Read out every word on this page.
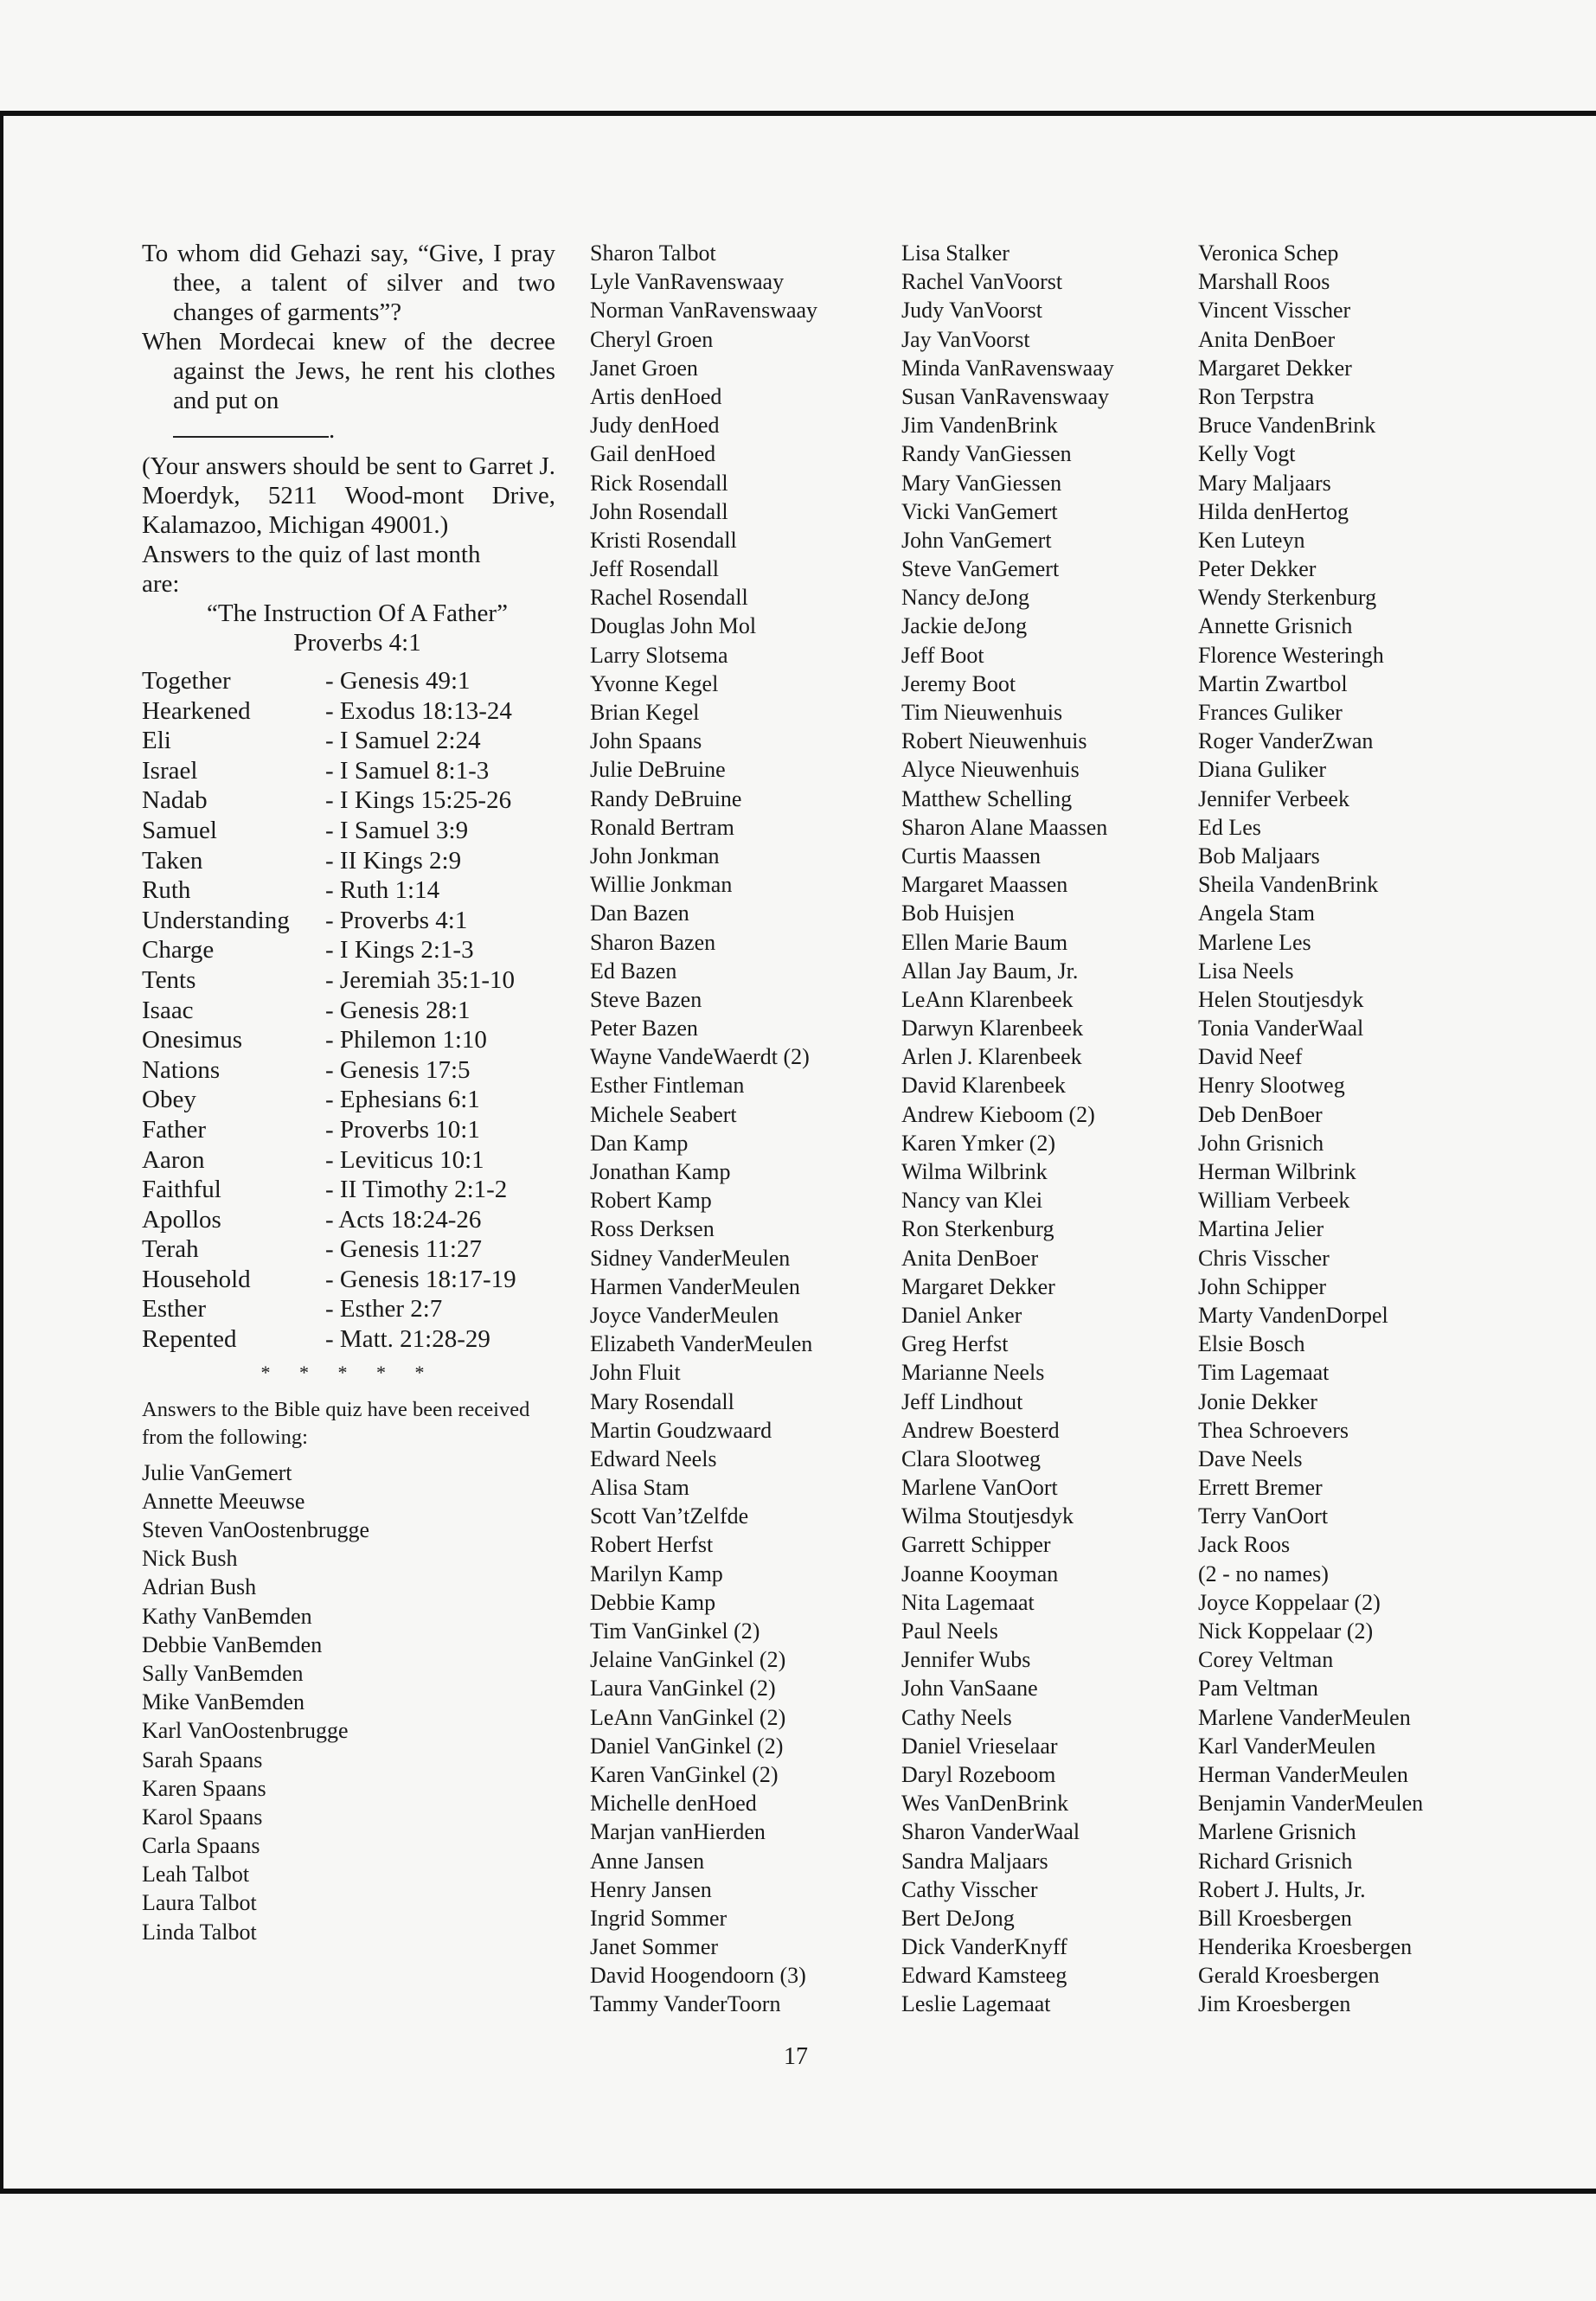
To whom did Gehazi say, “Give, I pray thee, a talent of silver and two changes of garments”?
When Mordecai knew of the decree against the Jews, he rent his clothes and put on
.
(Your answers should be sent to Garret J. Moerdyk, 5211 Wood-mont Drive, Kalamazoo, Michigan 49001.)
Answers to the quiz of last month are:
“The Instruction Of A Father”
Proverbs 4:1
Together	- Genesis 49:1
Hearkened	- Exodus 18:13-24
Eli	- I Samuel 2:24
Israel	- I Samuel 8:1-3
Nadab	- I Kings 15:25-26
Samuel	- I Samuel 3:9
Taken	- II Kings 2:9
Ruth	- Ruth 1:14
Understanding	- Proverbs 4:1
Charge	- I Kings 2:1-3
Tents	- Jeremiah 35:1-10
Isaac	- Genesis 28:1
Onesimus	- Philemon 1:10
Nations	- Genesis 17:5
Obey	- Ephesians 6:1
Father	- Proverbs 10:1
Aaron	- Leviticus 10:1
Faithful	- II Timothy 2:1-2
Apollos	- Acts 18:24-26
Terah	- Genesis 11:27
Household	- Genesis 18:17-19
Esther	- Esther 2:7
Repented	- Matt. 21:28-29
* * * * *
Answers to the Bible quiz have been received from the following:
Julie VanGemert
Annette Meeuwse
Steven VanOostenbrugge
Nick Bush
Adrian Bush
Kathy VanBemden
Debbie VanBemden
Sally VanBemden
Mike VanBemden
Karl VanOostenbrugge
Sarah Spaans
Karen Spaans
Karol Spaans
Carla Spaans
Leah Talbot
Laura Talbot
Linda Talbot
Sharon Talbot
Lyle VanRavenswaay
Norman VanRavenswaay
Cheryl Groen
Janet Groen
Artis denHoed
Judy denHoed
Gail denHoed
Rick Rosendall
John Rosendall
Kristi Rosendall
Jeff Rosendall
Rachel Rosendall
Douglas John Mol
Larry Slotsema
Yvonne Kegel
Brian Kegel
John Spaans
Julie DeBruine
Randy DeBruine
Ronald Bertram
John Jonkman
Willie Jonkman
Dan Bazen
Sharon Bazen
Ed Bazen
Steve Bazen
Peter Bazen
Wayne VandeWaerdt (2)
Esther Fintleman
Michele Seabert
Dan Kamp
Jonathan Kamp
Robert Kamp
Ross Derksen
Sidney VanderMeulen
Harmen VanderMeulen
Joyce VanderMeulen
Elizabeth VanderMeulen
John Fluit
Mary Rosendall
Martin Goudzwaard
Edward Neels
Alisa Stam
Scott Van’tZelfde
Robert Herfst
Marilyn Kamp
Debbie Kamp
Tim VanGinkel (2)
Jelaine VanGinkel (2)
Laura VanGinkel (2)
LeAnn VanGinkel (2)
Daniel VanGinkel (2)
Karen VanGinkel (2)
Michelle denHoed
Marjan vanHierden
Anne Jansen
Henry Jansen
Ingrid Sommer
Janet Sommer
David Hoogendoorn (3)
Tammy VanderToorn
Lisa Stalker
Rachel VanVoorst
Judy VanVoorst
Jay VanVoorst
Minda VanRavenswaay
Susan VanRavenswaay
Jim VandenBrink
Randy VanGiessen
Mary VanGiessen
Vicki VanGemert
John VanGemert
Steve VanGemert
Nancy deJong
Jackie deJong
Jeff Boot
Jeremy Boot
Tim Nieuwenhuis
Robert Nieuwenhuis
Alyce Nieuwenhuis
Matthew Schelling
Sharon Alane Maassen
Curtis Maassen
Margaret Maassen
Bob Huisjen
Ellen Marie Baum
Allan Jay Baum, Jr.
LeAnn Klarenbeek
Darwyn Klarenbeek
Arlen J. Klarenbeek
David Klarenbeek
Andrew Kieboom (2)
Karen Ymker (2)
Wilma Wilbrink
Nancy van Klei
Ron Sterkenburg
Anita DenBoer
Margaret Dekker
Daniel Anker
Greg Herfst
Marianne Neels
Jeff Lindhout
Andrew Boesterd
Clara Slootweg
Marlene VanOort
Wilma Stoutjesdyk
Garrett Schipper
Joanne Kooyman
Nita Lagemaat
Paul Neels
Jennifer Wubs
John VanSaane
Cathy Neels
Daniel Vrieselaar
Daryl Rozeboom
Wes VanDenBrink
Sharon VanderWaal
Sandra Maljaars
Cathy Visscher
Bert DeJong
Dick VanderKnyff
Edward Kamsteeg
Leslie Lagemaat
Veronica Schep
Marshall Roos
Vincent Visscher
Anita DenBoer
Margaret Dekker
Ron Terpstra
Bruce VandenBrink
Kelly Vogt
Mary Maljaars
Hilda denHertog
Ken Luteyn
Peter Dekker
Wendy Sterkenburg
Annette Grisnich
Florence Westeringh
Martin Zwartbol
Frances Guliker
Roger VanderZwan
Diana Guliker
Jennifer Verbeek
Ed Les
Bob Maljaars
Sheila VandenBrink
Angela Stam
Marlene Les
Lisa Neels
Helen Stoutjesdyk
Tonia VanderWaal
David Neef
Henry Slootweg
Deb DenBoer
John Grisnich
Herman Wilbrink
William Verbeek
Martina Jelier
Chris Visscher
John Schipper
Marty VandenDorpel
Elsie Bosch
Tim Lagemaat
Jonie Dekker
Thea Schroevers
Dave Neels
Errett Bremer
Terry VanOort
Jack Roos
(2 - no names)
Joyce Koppelaar (2)
Nick Koppelaar (2)
Corey Veltman
Pam Veltman
Marlene VanderMeulen
Karl VanderMeulen
Herman VanderMeulen
Benjamin VanderMeulen
Marlene Grisnich
Richard Grisnich
Robert J. Hults, Jr.
Bill Kroesbergen
Henderika Kroesbergen
Gerald Kroesbergen
Jim Kroesbergen
17
